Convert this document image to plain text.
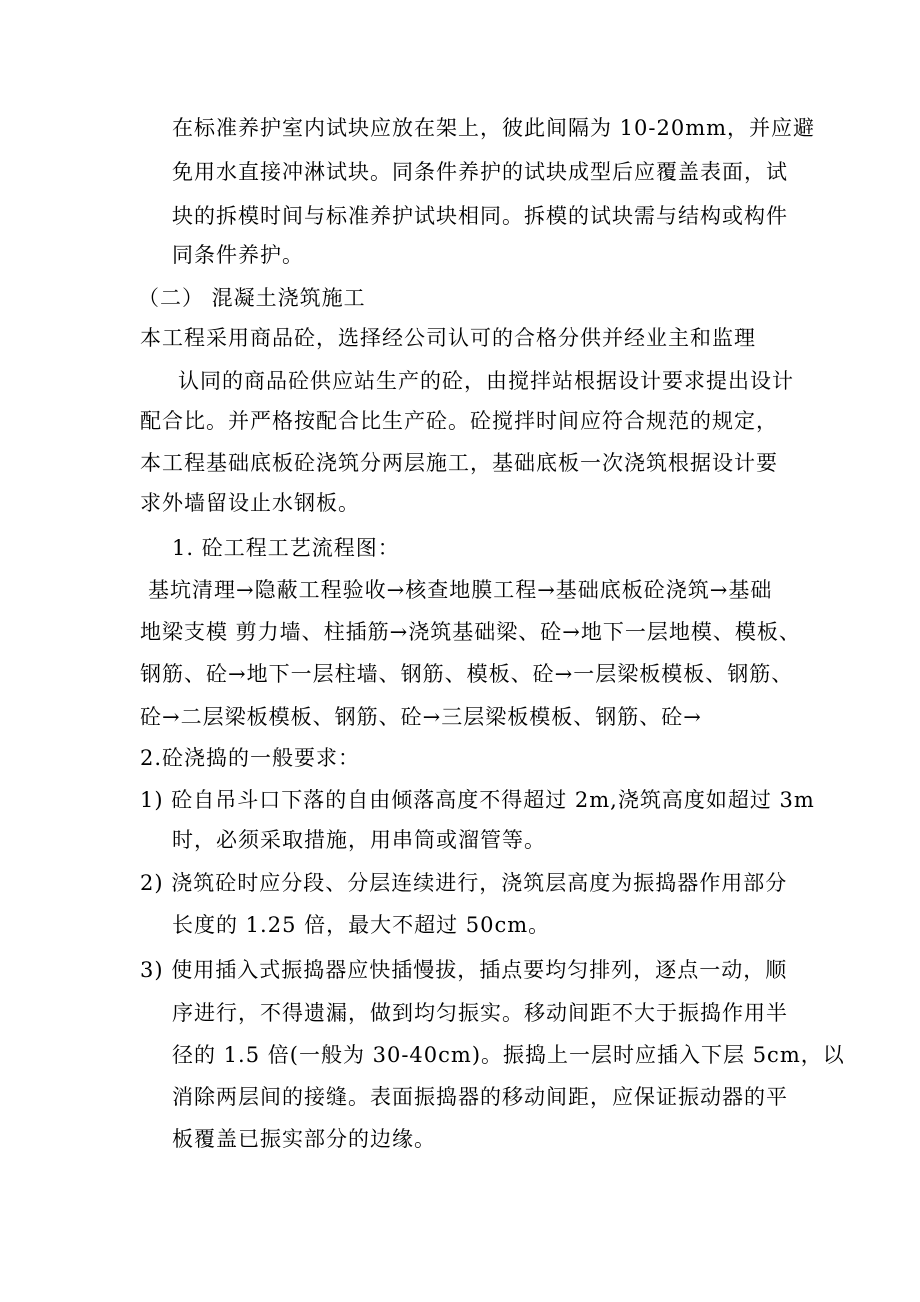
在标准养护室内试块应放在架上，彼此间隔为 10-20mm，并应避
免用水直接冲淋试块。同条件养护的试块成型后应覆盖表面，试
块的拆模时间与标准养护试块相同。拆模的试块需与结构或构件
同条件养护。
（二） 混凝土浇筑施工
本工程采用商品砼，选择经公司认可的合格分供并经业主和监理
认同的商品砼供应站生产的砼，由搅拌站根据设计要求提出设计
配合比。并严格按配合比生产砼。砼搅拌时间应符合规范的规定，
本工程基础底板砼浇筑分两层施工，基础底板一次浇筑根据设计要
求外墙留设止水钢板。
1. 砼工程工艺流程图：
基坑清理→隐蔽工程验收→核查地膜工程→基础底板砼浇筑→基础
地梁支模 剪力墙、柱插筋→浇筑基础梁、砼→地下一层地模、模板、
钢筋、砼→地下一层柱墙、钢筋、模板、砼→一层梁板模板、钢筋、
砼→二层梁板模板、钢筋、砼→三层梁板模板、钢筋、砼→
2.砼浇捣的一般要求：
1) 砼自吊斗口下落的自由倾落高度不得超过 2m,浇筑高度如超过 3m
时，必须采取措施，用串筒或溜管等。
2) 浇筑砼时应分段、分层连续进行，浇筑层高度为振捣器作用部分
长度的 1.25 倍，最大不超过 50cm。
3) 使用插入式振捣器应快插慢拔，插点要均匀排列，逐点一动，顺
序进行，不得遗漏，做到均匀振实。移动间距不大于振捣作用半
径的 1.5 倍(一般为 30-40cm)。振捣上一层时应插入下层 5cm，以
消除两层间的接缝。表面振捣器的移动间距，应保证振动器的平
板覆盖已振实部分的边缘。
